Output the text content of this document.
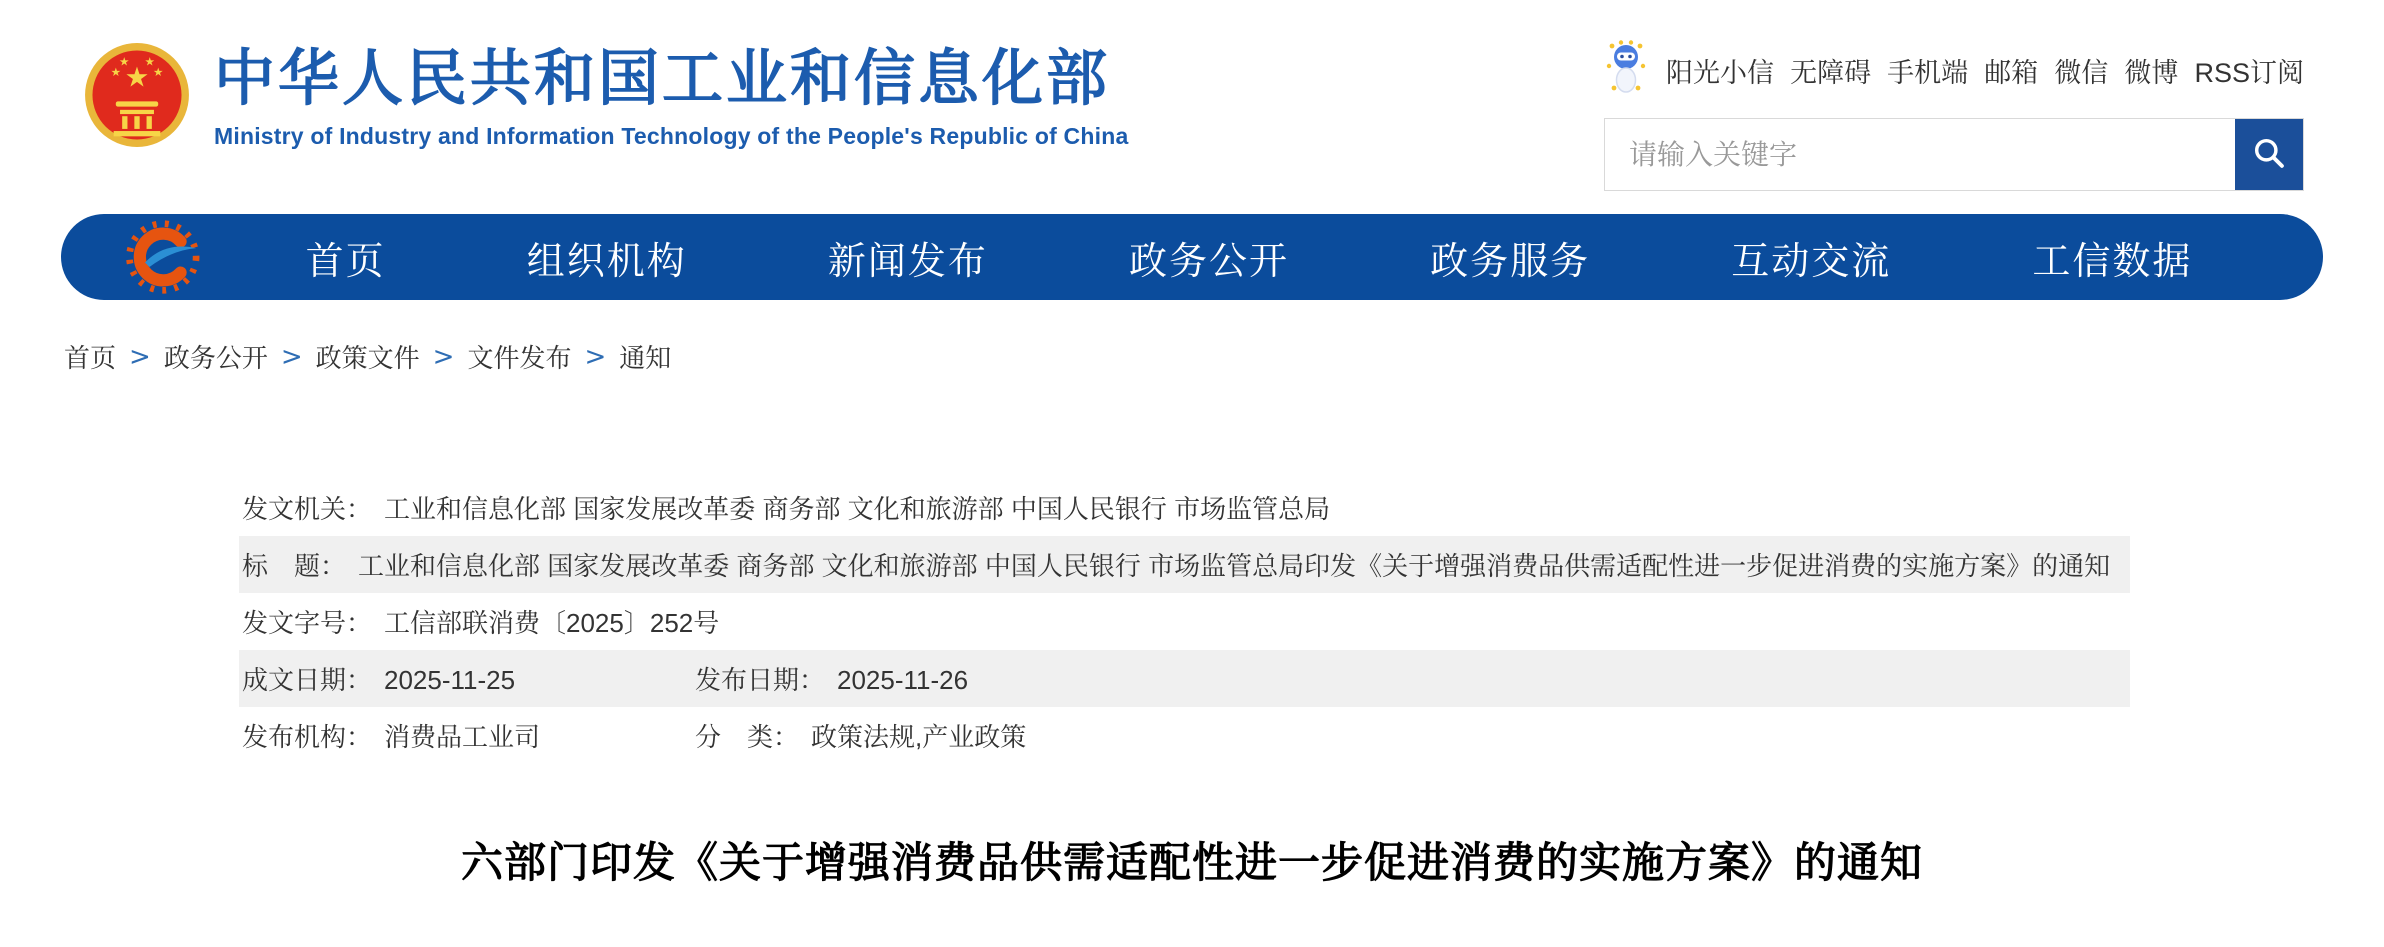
★
★	★
★ ★ 中华人民共和国工业和信息化部
Ministry of Industry and Information Technology of the People's Republic of China
阳光小信 无障碍 手机端 邮箱 微信 微博 RSS订阅
请输入关键字
首页	组织机构	新闻发布	政务公开	政务服务	互动交流	工信数据
首页 > 政务公开 > 政策文件 > 文件发布 > 通知
发文机关： 工业和信息化部 国家发展改革委 商务部 文化和旅游部 中国人民银行 市场监管总局
标　题： 工业和信息化部 国家发展改革委 商务部 文化和旅游部 中国人民银行 市场监管总局印发《关于增强消费品供需适配性进一步促进消费的实施方案》的通知
发文字号： 工信部联消费〔2025〕252号
成文日期： 2025-11-25	发布日期： 2025-11-26
发布机构： 消费品工业司	分　类： 政策法规,产业政策
六部门印发《关于增强消费品供需适配性进一步促进消费的实施方案》的通知
